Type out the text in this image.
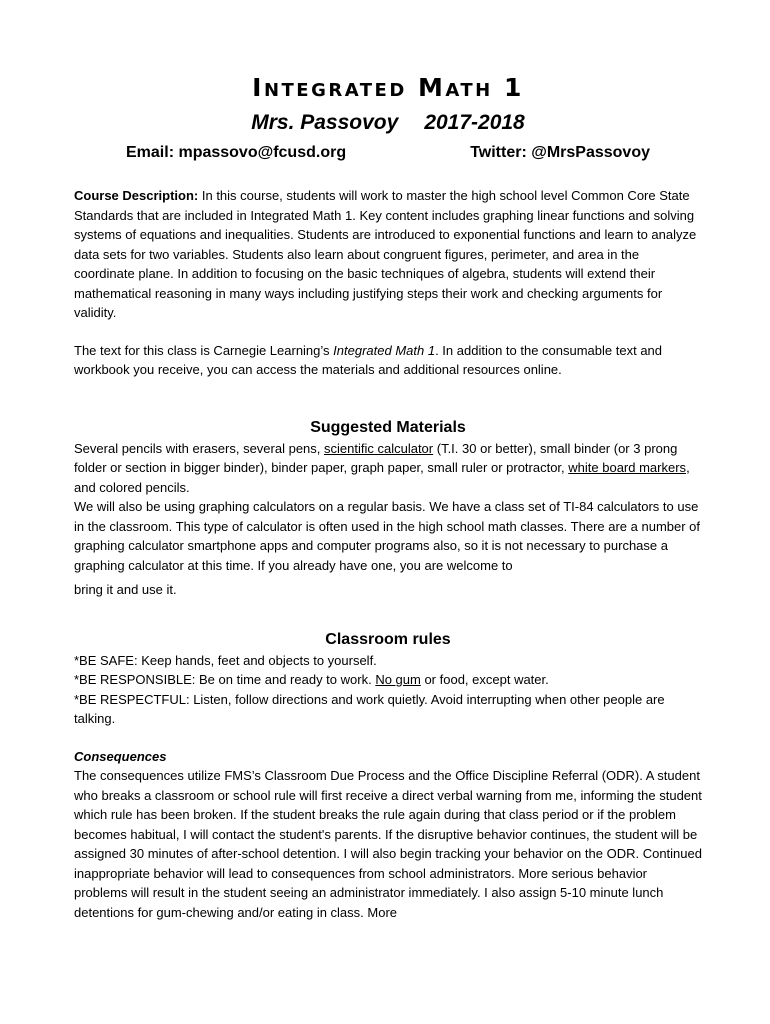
Integrated Math 1

Mrs. Passovoy 2017-2018

Email: mpassovo@fcusd.org	Twitter: @MrsPassovoy

Course Description: In this course, students will work to master the high school level Common Core State Standards that are included in Integrated Math 1. Key content includes graphing linear functions and solving systems of equations and inequalities. Students are introduced to exponential functions and learn to analyze data sets for two variables. Students also learn about congruent figures, perimeter, and area in the coordinate plane. In addition to focusing on the basic techniques of algebra, students will extend their mathematical reasoning in many ways including justifying steps their work and checking arguments for validity.

The text for this class is Carnegie Learning’s Integrated Math 1. In addition to the consumable text and workbook you receive, you can access the materials and additional resources online.

Suggested Materials

Several pencils with erasers, several pens, scientific calculator (T.I. 30 or better), small binder (or 3 prong folder or section in bigger binder), binder paper, graph paper, small ruler or protractor, white board markers, and colored pencils.

We will also be using graphing calculators on a regular basis. We have a class set of TI-84 calculators to use in the classroom. This type of calculator is often used in the high school math classes. There are a number of graphing calculator smartphone apps and computer programs also, so it is not necessary to purchase a graphing calculator at this time. If you already have one, you are welcome to

bring it and use it.

Classroom rules

*BE SAFE: Keep hands, feet and objects to yourself.

*BE RESPONSIBLE: Be on time and ready to work. No gum or food, except water.

*BE RESPECTFUL: Listen, follow directions and work quietly. Avoid interrupting when other people are talking.

Consequences

The consequences utilize FMS’s Classroom Due Process and the Office Discipline Referral (ODR). A student who breaks a classroom or school rule will first receive a direct verbal warning from me, informing the student which rule has been broken. If the student breaks the rule again during that class period or if the problem becomes habitual, I will contact the student's parents. If the disruptive behavior continues, the student will be assigned 30 minutes of after-school detention. I will also begin tracking your behavior on the ODR. Continued inappropriate behavior will lead to consequences from school administrators. More serious behavior problems will result in the student seeing an administrator immediately. I also assign 5-10 minute lunch detentions for gum-chewing and/or eating in class. More
